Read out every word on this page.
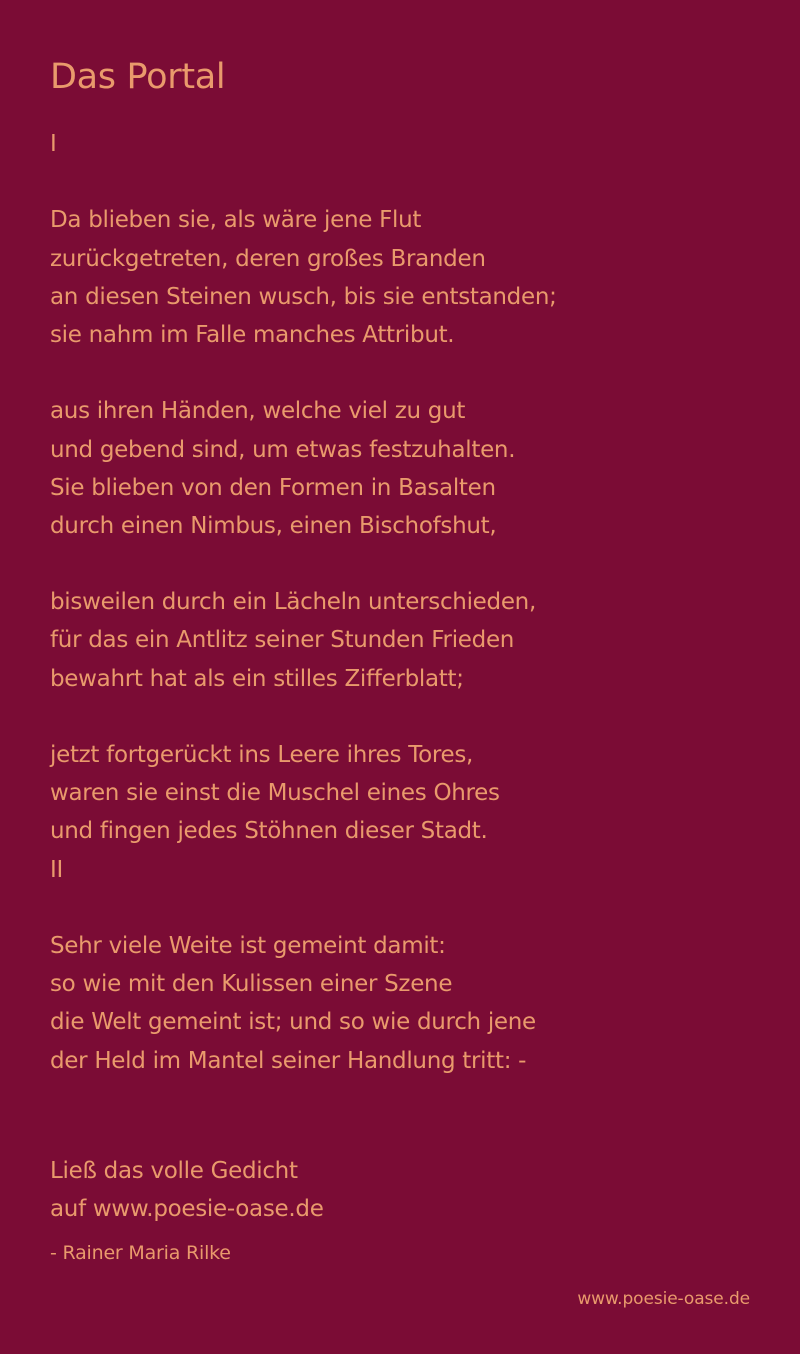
Das Portal
I
Da blieben sie, als wäre jene Flut
zurückgetreten, deren großes Branden
an diesen Steinen wusch, bis sie entstanden;
sie nahm im Falle manches Attribut.
aus ihren Händen, welche viel zu gut
und gebend sind, um etwas festzuhalten.
Sie blieben von den Formen in Basalten
durch einen Nimbus, einen Bischofshut,
bisweilen durch ein Lächeln unterschieden,
für das ein Antlitz seiner Stunden Frieden
bewahrt hat als ein stilles Zifferblatt;
jetzt fortgerückt ins Leere ihres Tores,
waren sie einst die Muschel eines Ohres
und fingen jedes Stöhnen dieser Stadt.
II
Sehr viele Weite ist gemeint damit:
so wie mit den Kulissen einer Szene
die Welt gemeint ist; und so wie durch jene
der Held im Mantel seiner Handlung tritt: -
Ließ das volle Gedicht
auf www.poesie-oase.de
- Rainer Maria Rilke
www.poesie-oase.de
